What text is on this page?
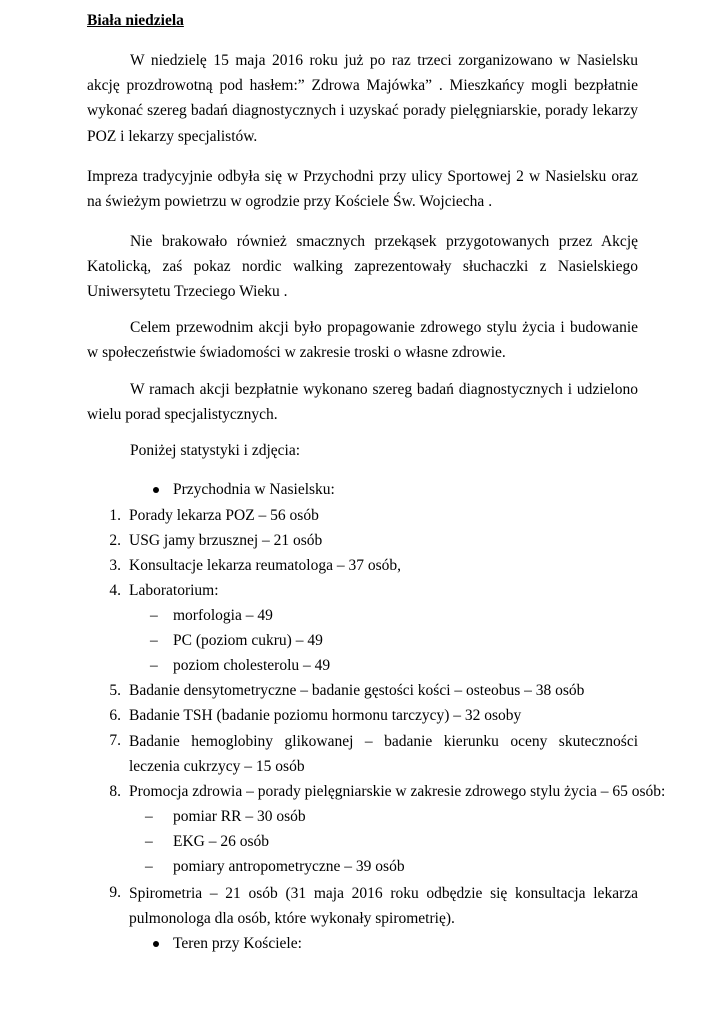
Biała niedziela
W niedzielę 15 maja 2016 roku już po raz trzeci zorganizowano w Nasielsku akcję prozdrowotną pod hasłem:” Zdrowa Majówka” . Mieszkańcy mogli bezpłatnie wykonać szereg badań diagnostycznych i uzyskać porady pielęgniarskie, porady lekarzy POZ i lekarzy specjalistów.
Impreza tradycyjnie odbyła się w Przychodni przy ulicy Sportowej 2 w Nasielsku oraz na świeżym powietrzu w ogrodzie przy Kościele Św. Wojciecha .
Nie brakowało również smacznych przekąsek przygotowanych przez Akcję Katolicką, zaś pokaz nordic walking zaprezentowały słuchaczki z Nasielskiego Uniwersytetu Trzeciego Wieku .
Celem przewodnim akcji było propagowanie zdrowego stylu życia i budowanie w społeczeństwie świadomości w zakresie troski o własne zdrowie.
W ramach akcji bezpłatnie wykonano szereg badań diagnostycznych i udzielono wielu porad specjalistycznych.
Poniżej statystyki i zdjęcia:
Przychodnia w Nasielsku:
1. Porady lekarza POZ – 56 osób
2. USG jamy brzusznej – 21 osób
3. Konsultacje lekarza reumatologa – 37 osób,
4. Laboratorium:
– morfologia – 49
– PC (poziom cukru) – 49
– poziom cholesterolu – 49
5. Badanie densytometryczne – badanie gęstości kości – osteobus – 38 osób
6. Badanie TSH (badanie poziomu hormonu tarczycy) – 32 osoby
7. Badanie hemoglobiny glikowanej – badanie kierunku oceny skuteczności leczenia cukrzycy – 15 osób
8. Promocja zdrowia – porady pielęgniarskie w zakresie zdrowego stylu życia – 65 osób:
– pomiar RR – 30 osób
– EKG – 26 osób
– pomiary antropometryczne – 39 osób
9. Spirometria – 21 osób (31 maja 2016 roku odbędzie się konsultacja lekarza pulmonologa dla osób, które wykonały spirometrię).
Teren przy Kościele:
